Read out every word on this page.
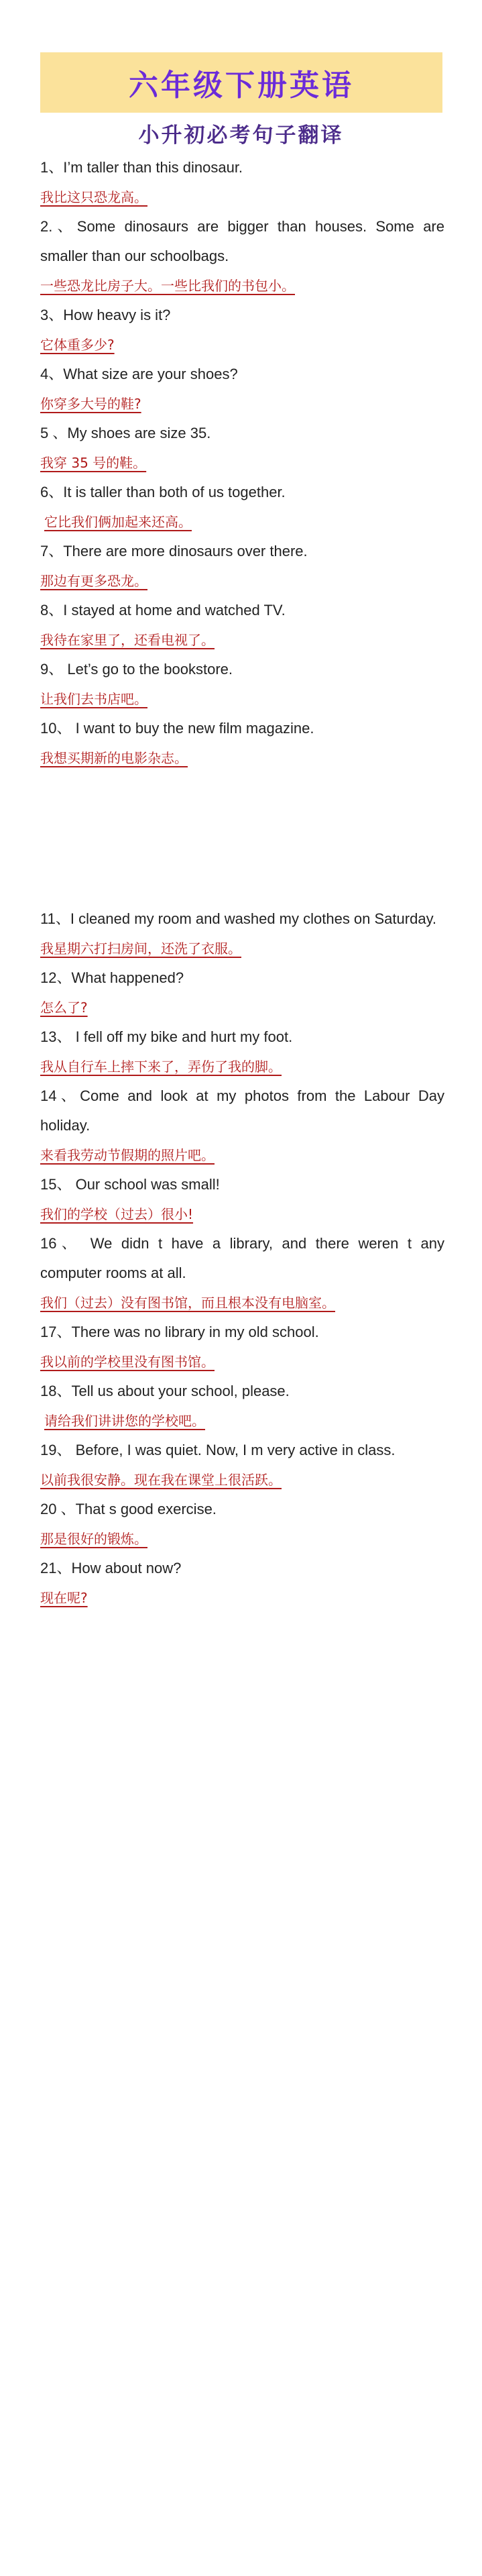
六年级下册英语
小升初必考句子翻译

1、I’m taller than this dinosaur.

我比这只恐龙高。

2.、Some dinosaurs are bigger than houses. Some are smaller than our schoolbags.

一些恐龙比房子大。一些比我们的书包小。

3、How heavy is it?

它体重多少?

4、What size are your shoes?

你穿多大号的鞋?

5 、My shoes are size 35.

我穿 35 号的鞋。

6、It is taller than both of us together.

它比我们俩加起来还高。

7、There are more dinosaurs over there.

那边有更多恐龙。

8、I stayed at home and watched TV.

我待在家里了，还看电视了。

9、 Let’s go to the bookstore.

让我们去书店吧。

10、 I want to buy the new film magazine.

我想买期新的电影杂志。

11、I cleaned my room and washed my clothes on Saturday.

我星期六打扫房间，还洗了衣服。

12、What happened?

怎么了?

13、 I fell off my bike and hurt my foot.

我从自行车上摔下来了，弄伤了我的脚。

14、Come and look at my photos from the Labour Day holiday.

来看我劳动节假期的照片吧。

15、 Our school was small!

我们的学校（过去）很小!

16、 We didn t have a library, and there weren t any computer rooms at all.

我们（过去）没有图书馆，而且根本没有电脑室。

17、There was no library in my old school.

我以前的学校里没有图书馆。

18、Tell us about your school, please.

请给我们讲讲您的学校吧。

19、 Before, I was quiet. Now, I m very active in class.

以前我很安静。现在我在课堂上很活跃。

20 、That s good exercise.

那是很好的锻炼。

21、How about now?

现在呢?
